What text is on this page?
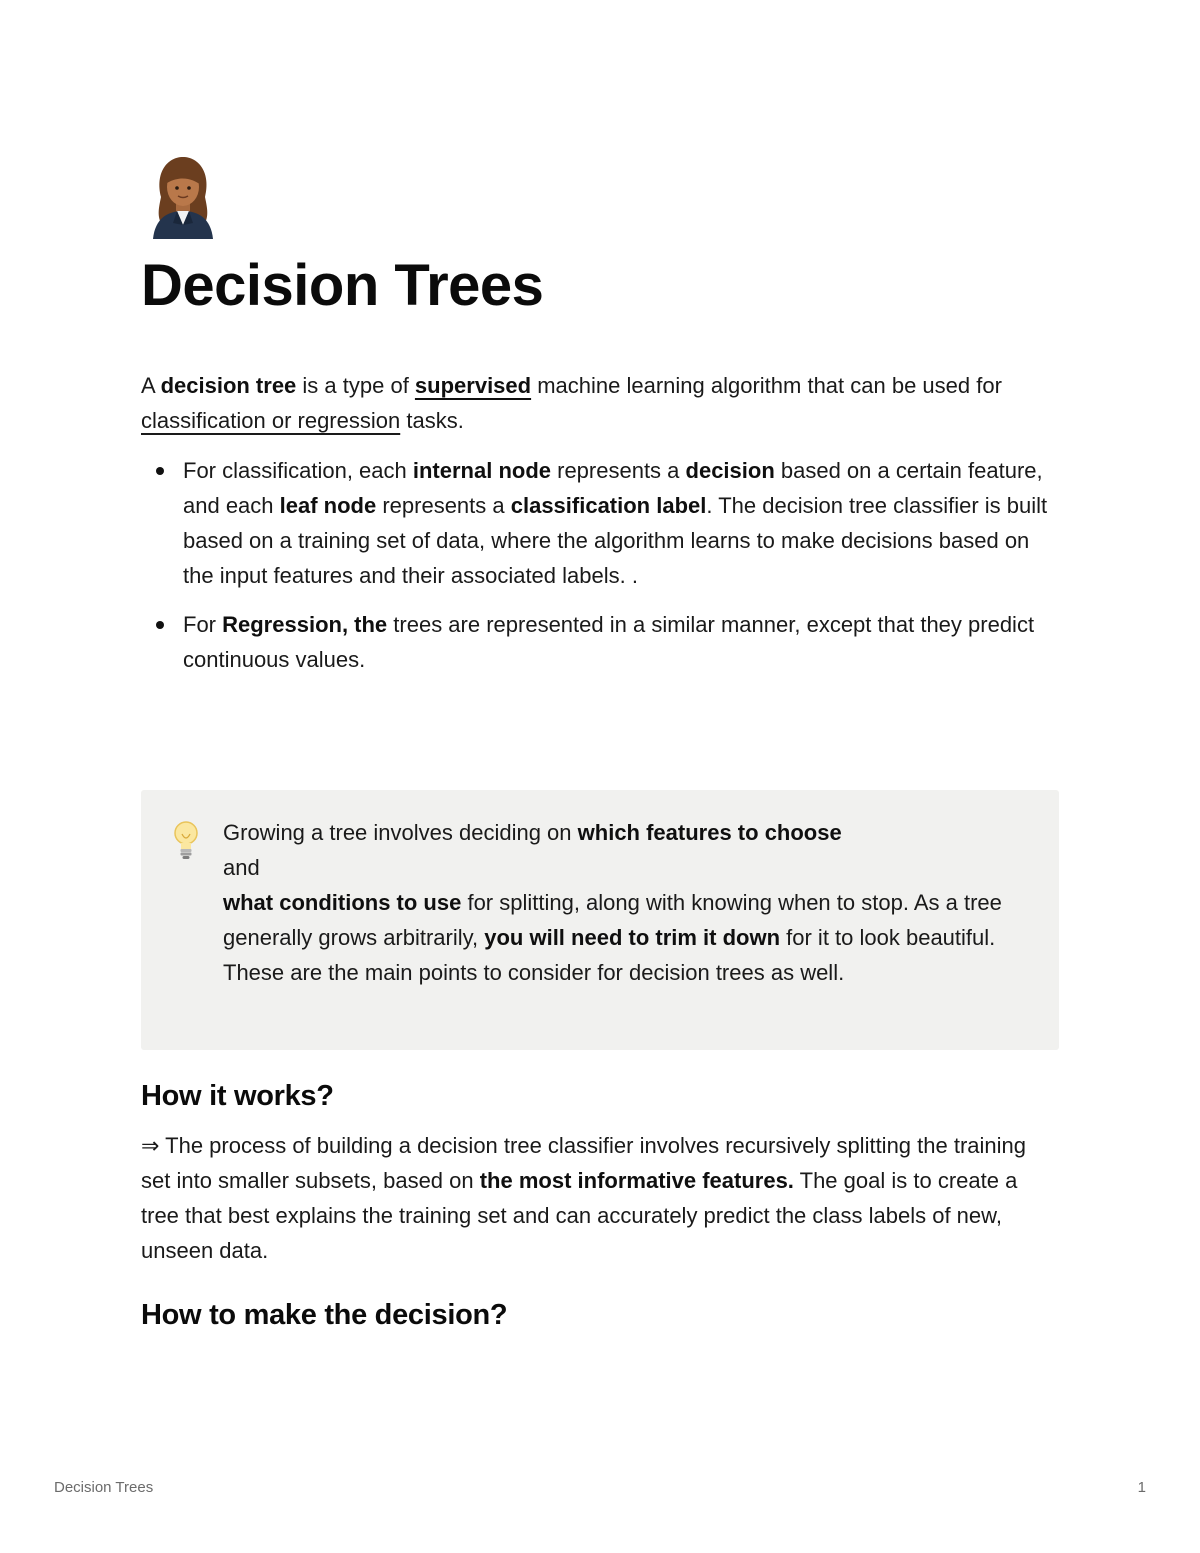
Decision Trees

A decision tree is a type of supervised machine learning algorithm that can be used for classification or regression tasks.

For classification, each internal node represents a decision based on a certain feature, and each leaf node represents a classification label. The decision tree classifier is built based on a training set of data, where the algorithm learns to make decisions based on the input features and their associated labels. .
For Regression, the trees are represented in a similar manner, except that they predict continuous values.

Growing a tree involves deciding on which features to choose
and
what conditions to use for splitting, along with knowing when to stop. As a tree generally grows arbitrarily, you will need to trim it down for it to look beautiful. These are the main points to consider for decision trees as well.

How it works?

⇒ The process of building a decision tree classifier involves recursively splitting the training set into smaller subsets, based on the most informative features. The goal is to create a tree that best explains the training set and can accurately predict the class labels of new, unseen data.

How to make the decision?
Decision Trees	1
